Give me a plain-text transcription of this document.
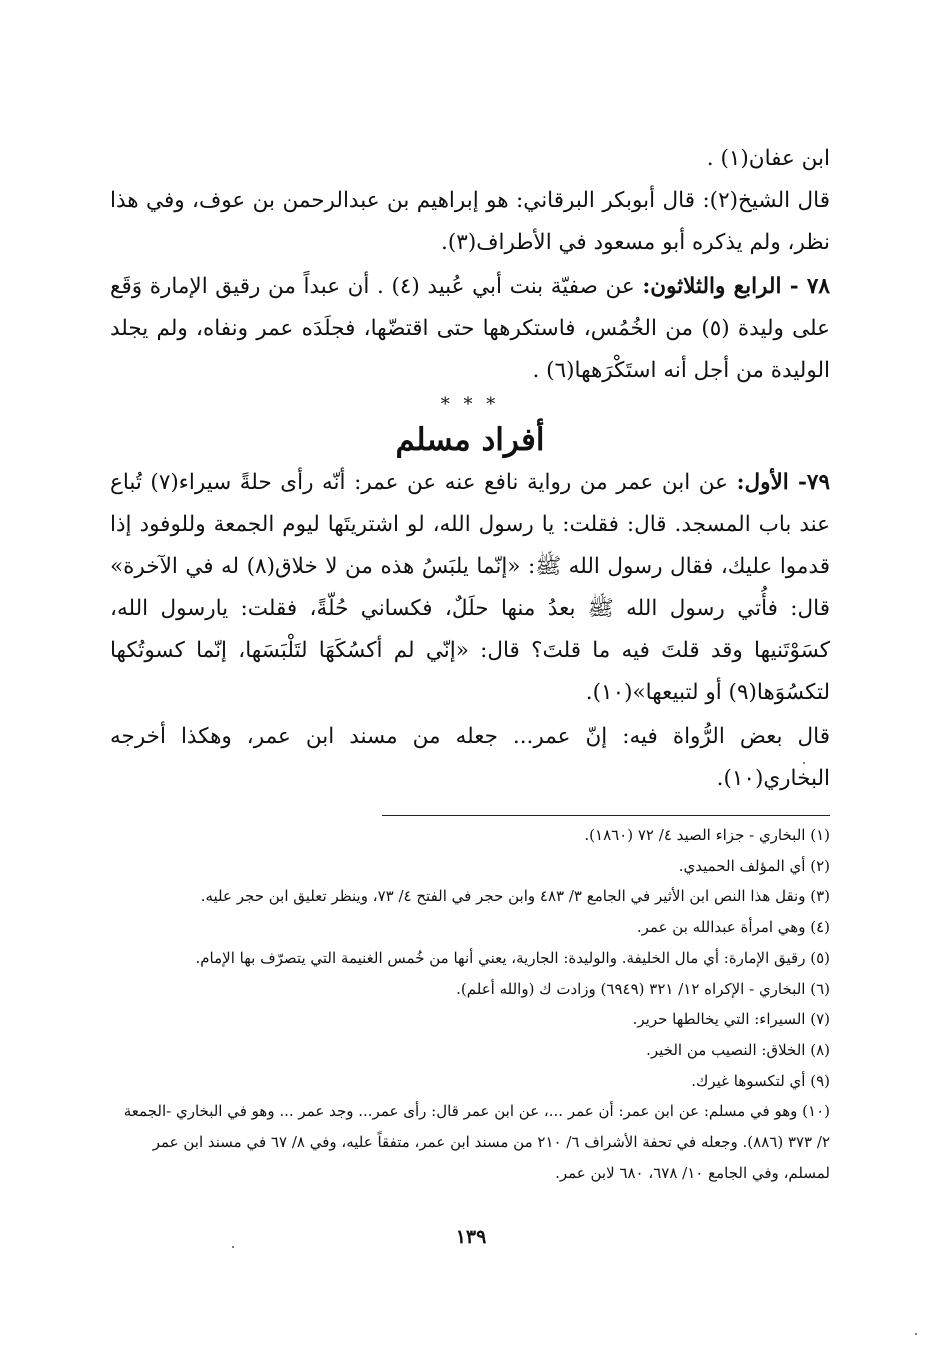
ابن عفان(١) .

قال الشيخ(٢): قال أبوبكر البرقاني: هو إبراهيم بن عبدالرحمن بن عوف، وفي هذا نظر، ولم يذكره أبو مسعود في الأطراف(٣).

٧٨ - الرابع والثلاثون: عن صفيّة بنت أبي عُبيد (٤) . أن عبداً من رقيق الإمارة وَقَع على وليدة (٥) من الخُمُس، فاستكرهها حتى اقتضّها، فجلَدَه عمر ونفاه، ولم يجلد الوليدة من أجل أنه استَكْرَهها(٦) .

* * *

أفراد مسلم

٧٩- الأول: عن ابن عمر من رواية نافع عنه عن عمر: أنّه رأى حلةً سيراء(٧) تُباع عند باب المسجد. قال: فقلت: يا رسول الله، لو اشتريتَها ليوم الجمعة وللوفود إذا قدموا عليك، فقال رسول الله ﷺ: «إنّما يلبَسُ هذه من لا خلاق(٨) له في الآخرة» قال: فأُتي رسول الله ﷺ بعدُ منها حلَلٌ، فكساني حُلّةً، فقلت: يارسول الله، كسَوْتَنيها وقد قلتَ فيه ما قلتَ؟ قال: «إنّي لم أكسُكَهَا لتَلْبَسَها، إنّما كسوتُكها لتكسُوَها(٩) أو لتبيعها»(١٠).

قال بعض الرُّواة فيه: إنّ عمر... جعله من مسند ابن عمر، وهكذا أخرجه البخاري(١٠).

(١) البخاري - جزاء الصيد ٤/ ٧٢ (١٨٦٠).

(٢) أي المؤلف الحميدي.

(٣) ونقل هذا النص ابن الأثير في الجامع ٣/ ٤٨٣ وابن حجر في الفتح ٤/ ٧٣، وينظر تعليق ابن حجر عليه.

(٤) وهي امرأة عبدالله بن عمر.

(٥) رقيق الإمارة: أي مال الخليفة. والوليدة: الجارية، يعني أنها من خُمس الغنيمة التي يتصرّف بها الإمام.

(٦) البخاري - الإكراه ١٢/ ٣٢١ (٦٩٤٩) وزادت ك (والله أعلم).

(٧) السيراء: التي يخالطها حرير.

(٨) الخلاق: النصيب من الخير.

(٩) أي لتكسوها غيرك.

(١٠) وهو في مسلم: عن ابن عمر: أن عمر ...، عن ابن عمر قال: رأى عمر... وجد عمر ... وهو في البخاري -الجمعة ٢/ ٣٧٣ (٨٨٦). وجعله في تحفة الأشراف ٦/ ٢١٠ من مسند ابن عمر، متفقاً عليه، وفي ٨/ ٦٧ في مسند ابن عمر لمسلم، وفي الجامع ١٠/ ٦٧٨، ٦٨٠ لابن عمر.

١٣٩
